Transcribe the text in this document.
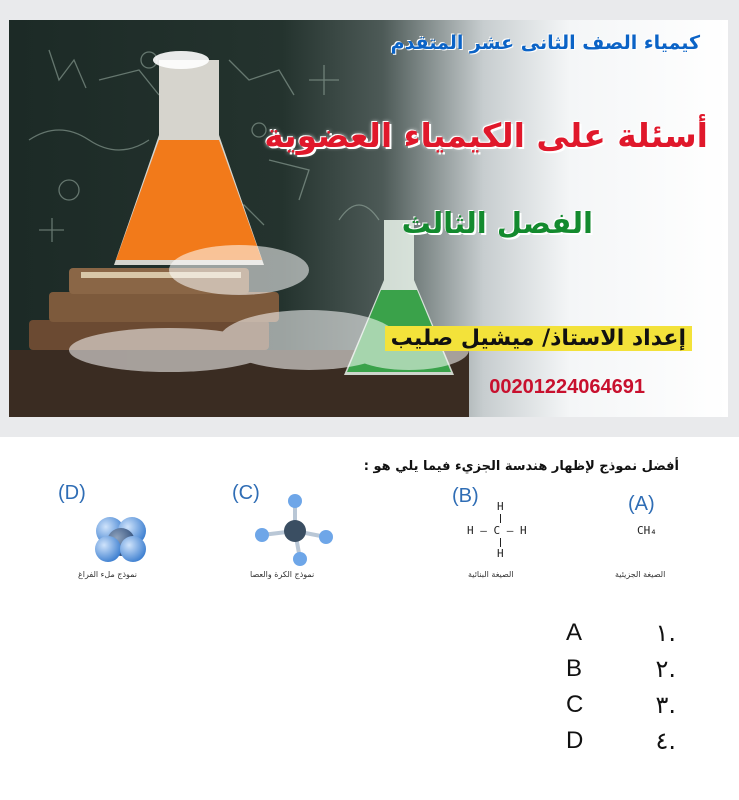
كيمياء الصف الثانى عشر المتقدم
أسئلة على الكيمياء العضوية
الفصل الثالث
إعداد الاستاذ/ ميشيل صليب
00201224064691
أفضل نموذج لإظهار هندسة الجزيء فيما يلي هو :
(D)
نموذج ملء الفراغ
(C)
نموذج الكرة والعصا
(B) H
H – C – H
H
الصيغة البنائية
(A)
CH₄
الصيغة الجزيئية
A	.١
B	.٢
C	.٣
D	.٤
